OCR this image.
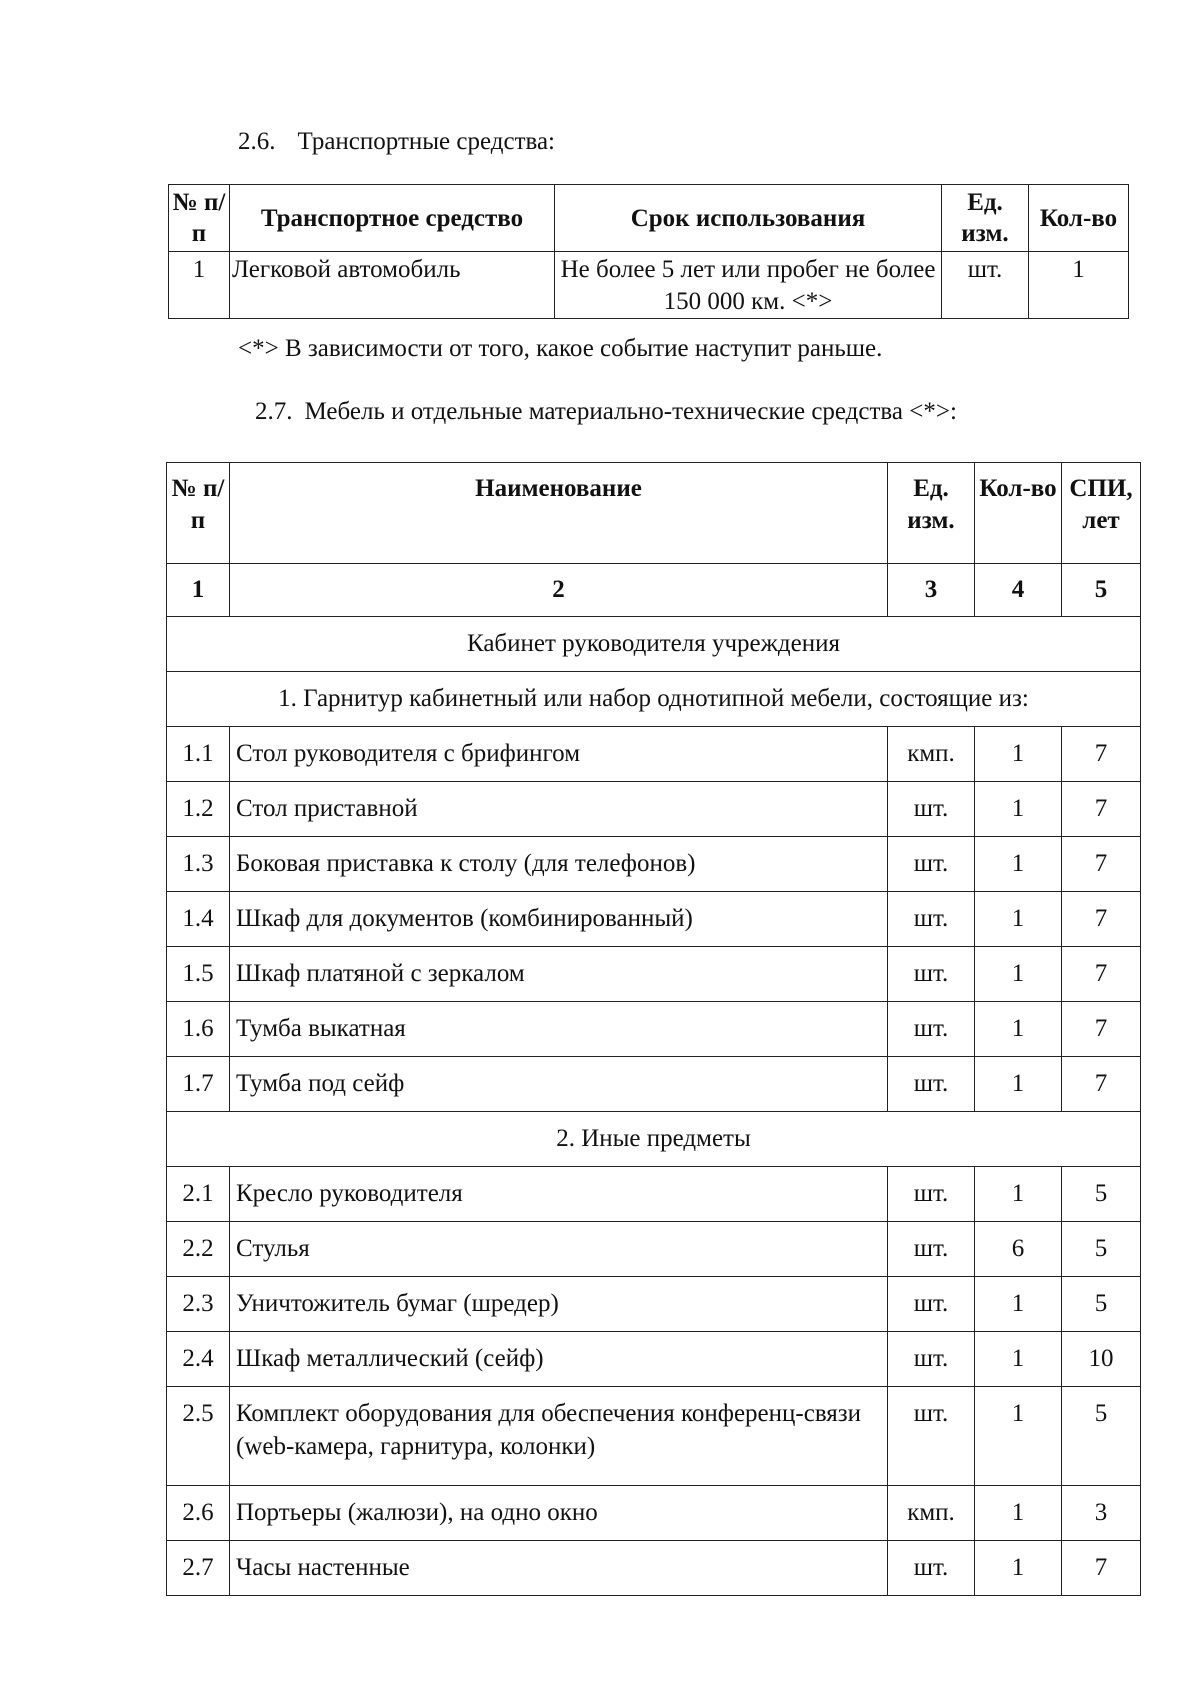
2.6. Транспортные средства:
№ п/п	Транспортное средство	Срок использования	Ед. изм.	Кол-во
1	Легковой автомобиль	Не более 5 лет или пробег не более 150 000 км. <*>	шт.	1
<*> В зависимости от того, какое событие наступит раньше.
2.7. Мебель и отдельные материально-технические средства <*>:
№ п/п	Наименование	Ед. изм.	Кол-во	СПИ, лет
1	2	3	4	5
Кабинет руководителя учреждения				
1. Гарнитур кабинетный или набор однотипной мебели, состоящие из:				
1.1	Стол руководителя с брифингом	кмп.	1	7
1.2	Стол приставной	шт.	1	7
1.3	Боковая приставка к столу (для телефонов)	шт.	1	7
1.4	Шкаф для документов (комбинированный)	шт.	1	7
1.5	Шкаф платяной с зеркалом	шт.	1	7
1.6	Тумба выкатная	шт.	1	7
1.7	Тумба под сейф	шт.	1	7
2. Иные предметы				
2.1	Кресло руководителя	шт.	1	5
2.2	Стулья	шт.	6	5
2.3	Уничтожитель бумаг (шредер)	шт.	1	5
2.4	Шкаф металлический (сейф)	шт.	1	10
2.5	Комплект оборудования для обеспечения конференц-связи (web-камера, гарнитура, колонки)	шт.	1	5
2.6	Портьеры (жалюзи), на одно окно	кмп.	1	3
2.7	Часы настенные	шт.	1	7
